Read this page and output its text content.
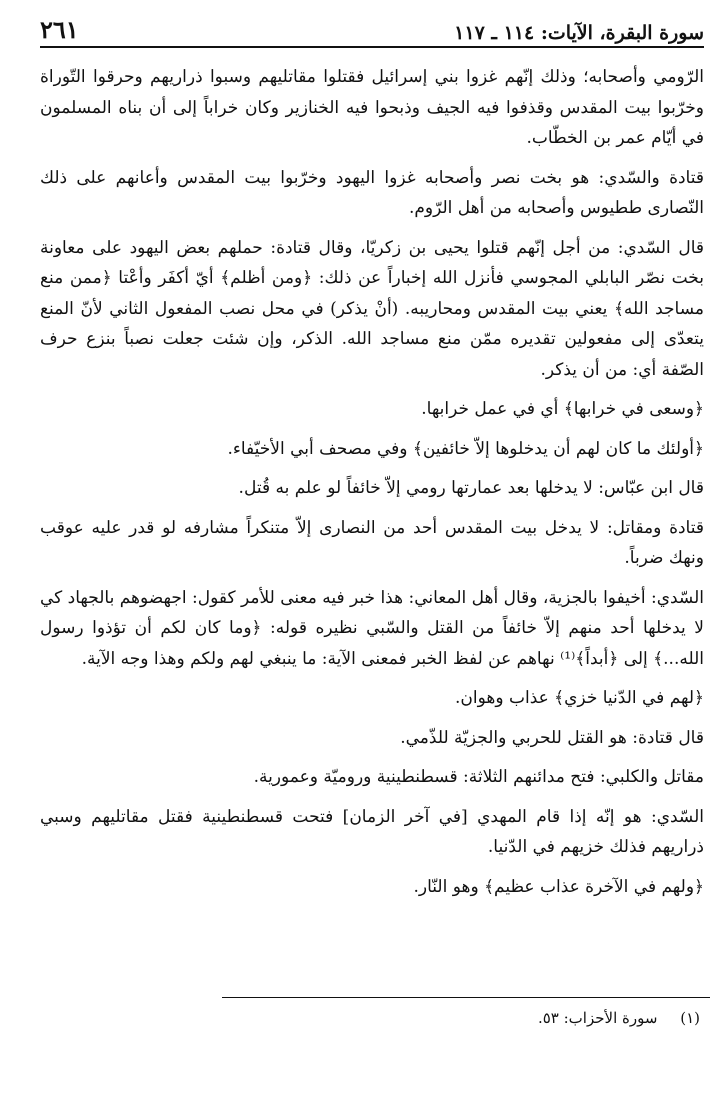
سورة البقرة، الآيات: ١١٤ ـ ١١٧
٢٦١

الرّومي وأصحابه؛ وذلك إنّهم غزوا بني إسرائيل فقتلوا مقاتليهم وسبوا ذراريهم وحرقوا التّوراة وخرّبوا بيت المقدس وقذفوا فيه الجيف وذبحوا فيه الخنازير وكان خراباً إلى أن بناه المسلمون في أيّام عمر بن الخطّاب.

قتادة والسّدي: هو بخت نصر وأصحابه غزوا اليهود وخرّبوا بيت المقدس وأعانهم على ذلك النّصارى ططيوس وأصحابه من أهل الرّوم.

قال السّدي: من أجل إنّهم قتلوا يحيى بن زكريّا، وقال قتادة: حملهم بعض اليهود على معاونة بخت نصّر البابلي المجوسي فأنزل الله إخباراً عن ذلك: ﴿ومن أظلم﴾ أيّ أكفَر وأعْتا ﴿ممن منع مساجد الله﴾ يعني بيت المقدس ومحاريبه. (أنْ يذكر) في محل نصب المفعول الثاني لأنّ المنع يتعدّى إلى مفعولين تقديره ممّن منع مساجد الله. الذكر، وإن شئت جعلت نصباً بنزع حرف الصّفة أي: من أن يذكر.

﴿وسعى في خرابها﴾ أي في عمل خرابها.

﴿أولئك ما كان لهم أن يدخلوها إلاّ خائفين﴾ وفي مصحف أبي الأخيّفاء.

قال ابن عبّاس: لا يدخلها بعد عمارتها رومي إلاّ خائفاً لو علم به قُتل.

قتادة ومقاتل: لا يدخل بيت المقدس أحد من النصارى إلاّ متنكراً مشارفه لو قدر عليه عوقب ونهك ضرباً.

السّدي: أخيفوا بالجزية، وقال أهل المعاني: هذا خبر فيه معنى للأمر كقول: اجهضوهم بالجهاد كي لا يدخلها أحد منهم إلاّ خائفاً من القتل والسّبي نظيره قوله: ﴿وما كان لكم أن تؤذوا رسول الله...﴾ إلى ﴿أبداً﴾⁽¹⁾ نهاهم عن لفظ الخبر فمعنى الآية: ما ينبغي لهم ولكم وهذا وجه الآية.

﴿لهم في الدّنيا خزي﴾ عذاب وهوان.

قال قتادة: هو القتل للحربي والجزيّة للذّمي.

مقاتل والكلبي: فتح مدائنهم الثلاثة: قسطنطينية وروميّة وعمورية.

السّدي: هو إنّه إذا قام المهدي [في آخر الزمان] فتحت قسطنطينية فقتل مقاتليهم وسبي ذراريهم فذلك خزيهم في الدّنيا.

﴿ولهم في الآخرة عذاب عظيم﴾ وهو النّار.

(١) سورة الأحزاب: ٥٣.
